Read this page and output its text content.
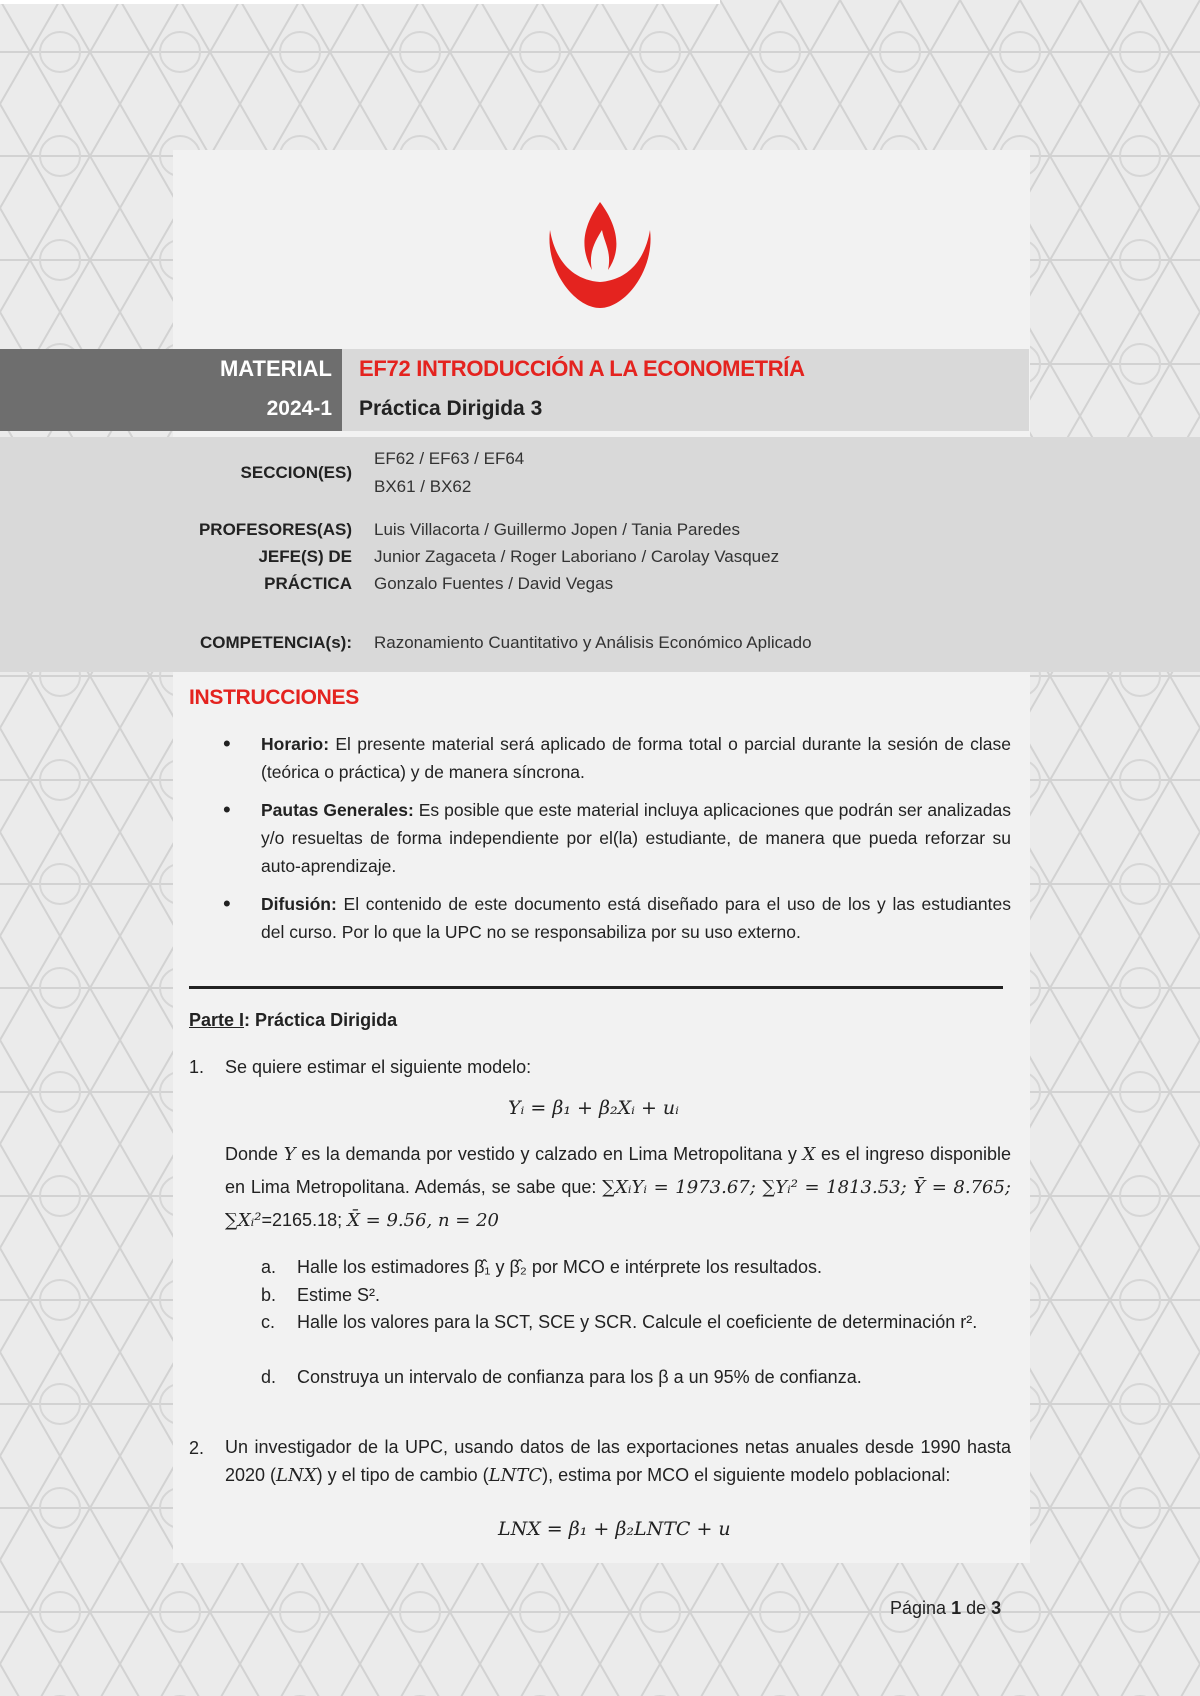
MATERIAL
2024-1
EF72 INTRODUCCIÓN A LA ECONOMETRÍA
Práctica Dirigida 3
SECCION(ES)
EF62 / EF63 / EF64
BX61 / BX62
PROFESORES(AS)
JEFE(S) DE
PRÁCTICA
Luis Villacorta / Guillermo Jopen / Tania Paredes
Junior Zagaceta / Roger Laboriano / Carolay Vasquez
Gonzalo Fuentes / David Vegas
COMPETENCIA(s): Razonamiento Cuantitativo y Análisis Económico Aplicado
INSTRUCCIONES
• Horario: El presente material será aplicado de forma total o parcial durante la sesión de clase (teórica o práctica) y de manera síncrona.
• Pautas Generales: Es posible que este material incluya aplicaciones que podrán ser analizadas y/o resueltas de forma independiente por el(la) estudiante, de manera que pueda reforzar su auto-aprendizaje.
• Difusión: El contenido de este documento está diseñado para el uso de los y las estudiantes del curso. Por lo que la UPC no se responsabiliza por su uso externo.
Parte I: Práctica Dirigida
1. Se quiere estimar el siguiente modelo:
Yᵢ = β₁ + β₂Xᵢ + uᵢ
Donde Y es la demanda por vestido y calzado en Lima Metropolitana y X es el ingreso disponible en Lima Metropolitana. Además, se sabe que: ∑XᵢYᵢ = 1973.67; ∑Yᵢ² = 1813.53; Ȳ = 8.765; ∑Xᵢ²=2165.18; X̄ = 9.56, n = 20
a. Halle los estimadores β̂₁ y β̂₂ por MCO e intérprete los resultados.
b. Estime S².
c. Halle los valores para la SCT, SCE y SCR. Calcule el coeficiente de determinación r².
d. Construya un intervalo de confianza para los β a un 95% de confianza.
2. Un investigador de la UPC, usando datos de las exportaciones netas anuales desde 1990 hasta 2020 (LNX) y el tipo de cambio (LNTC), estima por MCO el siguiente modelo poblacional:
LNX = β₁ + β₂LNTC + u
Página 1 de 3
